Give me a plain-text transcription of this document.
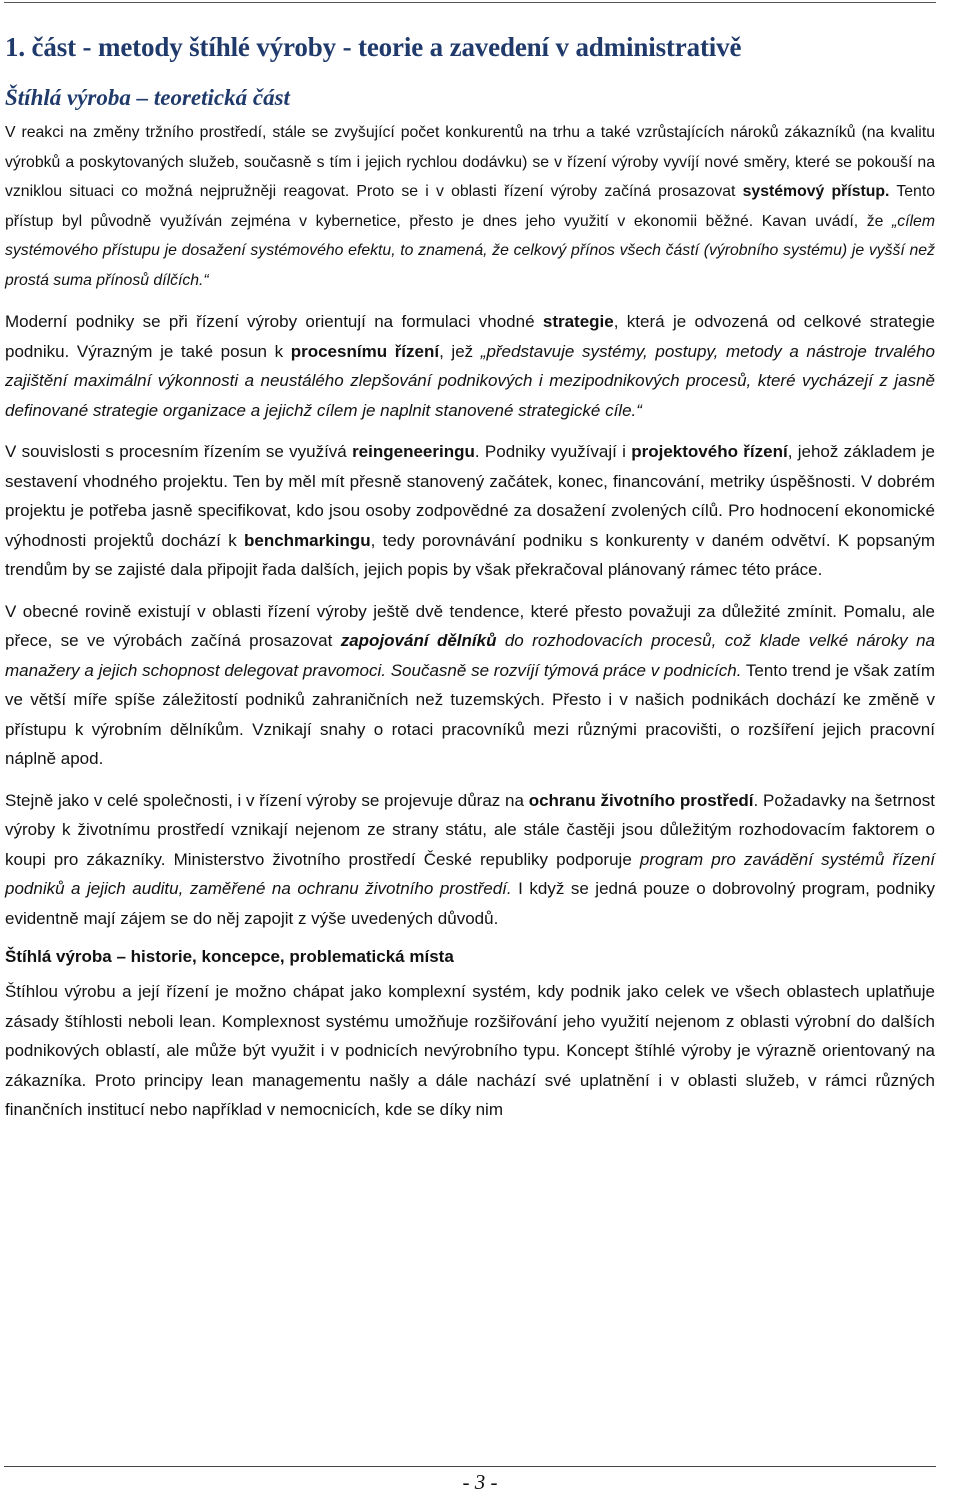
1. část - metody štíhlé výroby - teorie a zavedení v administrativě
Štíhlá výroba – teoretická část

V reakci na změny tržního prostředí, stále se zvyšující počet konkurentů na trhu a také vzrůstajících nároků zákazníků (na kvalitu výrobků a poskytovaných služeb, současně s tím i jejich rychlou dodávku) se v řízení výroby vyvíjí nové směry, které se pokouší na vzniklou situaci co možná nejpružněji reagovat. Proto se i v oblasti řízení výroby začíná prosazovat systémový přístup. Tento přístup byl původně využíván zejména v kybernetice, přesto je dnes jeho využití v ekonomii běžné. Kavan uvádí, že „cílem systémového přístupu je dosažení systémového efektu, to znamená, že celkový přínos všech částí (výrobního systému) je vyšší než prostá suma přínosů dílčích.“

Moderní podniky se při řízení výroby orientují na formulaci vhodné strategie, která je odvozená od celkové strategie podniku. Výrazným je také posun k procesnímu řízení, jež „představuje systémy, postupy, metody a nástroje trvalého zajištění maximální výkonnosti a neustálého zlepšování podnikových i mezipodnikových procesů, které vycházejí z jasně definované strategie organizace a jejichž cílem je naplnit stanovené strategické cíle.“

V souvislosti s procesním řízením se využívá reingeneeringu. Podniky využívají i projektového řízení, jehož základem je sestavení vhodného projektu. Ten by měl mít přesně stanovený začátek, konec, financování, metriky úspěšnosti. V dobrém projektu je potřeba jasně specifikovat, kdo jsou osoby zodpovědné za dosažení zvolených cílů. Pro hodnocení ekonomické výhodnosti projektů dochází k benchmarkingu, tedy porovnávání podniku s konkurenty v daném odvětví. K popsaným trendům by se zajisté dala připojit řada dalších, jejich popis by však překračoval plánovaný rámec této práce.

V obecné rovině existují v oblasti řízení výroby ještě dvě tendence, které přesto považuji za důležité zmínit. Pomalu, ale přece, se ve výrobách začíná prosazovat zapojování dělníků do rozhodovacích procesů, což klade velké nároky na manažery a jejich schopnost delegovat pravomoci. Současně se rozvíjí týmová práce v podnicích. Tento trend je však zatím ve větší míře spíše záležitostí podniků zahraničních než tuzemských. Přesto i v našich podnikách dochází ke změně v přístupu k výrobním dělníkům. Vznikají snahy o rotaci pracovníků mezi různými pracovišti, o rozšíření jejich pracovní náplně apod.

Stejně jako v celé společnosti, i v řízení výroby se projevuje důraz na ochranu životního prostředí. Požadavky na šetrnost výroby k životnímu prostředí vznikají nejenom ze strany státu, ale stále častěji jsou důležitým rozhodovacím faktorem o koupi pro zákazníky. Ministerstvo životního prostředí České republiky podporuje program pro zavádění systémů řízení podniků a jejich auditu, zaměřené na ochranu životního prostředí. I když se jedná pouze o dobrovolný program, podniky evidentně mají zájem se do něj zapojit z výše uvedených důvodů.

Štíhlá výroba – historie, koncepce, problematická místa

Štíhlou výrobu a její řízení je možno chápat jako komplexní systém, kdy podnik jako celek ve všech oblastech uplatňuje zásady štíhlosti neboli lean. Komplexnost systému umožňuje rozšiřování jeho využití nejenom z oblasti výrobní do dalších podnikových oblastí, ale může být využit i v podnicích nevýrobního typu. Koncept štíhlé výroby je výrazně orientovaný na zákazníka. Proto principy lean managementu našly a dále nachází své uplatnění i v oblasti služeb, v rámci různých finančních institucí nebo například v nemocnicích, kde se díky nim

- 3 -
